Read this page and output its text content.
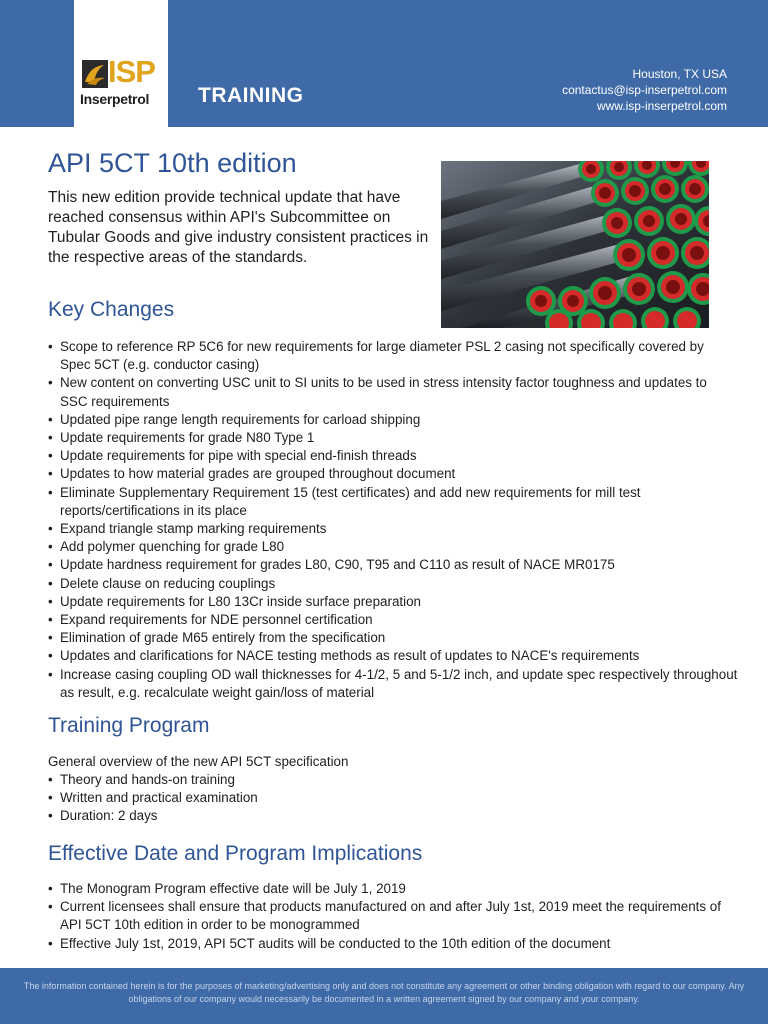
ISP
Inserpetrol TRAINING
Houston, TX USA
contactus@isp-inserpetrol.com
www.isp-inserpetrol.com
API 5CT 10th edition
This new edition provide technical update that have reached consensus within API's Subcommittee on Tubular Goods and give industry consistent practices in the respective areas of the standards.
Key Changes
• Scope to reference RP 5C6 for new requirements for large diameter PSL 2 casing not specifically covered by Spec 5CT (e.g. conductor casing)
• New content on converting USC unit to SI units to be used in stress intensity factor toughness and updates to SSC requirements
• Updated pipe range length requirements for carload shipping
• Update requirements for grade N80 Type 1
• Update requirements for pipe with special end-finish threads
• Updates to how material grades are grouped throughout document
• Eliminate Supplementary Requirement 15 (test certificates) and add new requirements for mill test reports/certifications in its place
• Expand triangle stamp marking requirements
• Add polymer quenching for grade L80
• Update hardness requirement for grades L80, C90, T95 and C110 as result of NACE MR0175
• Delete clause on reducing couplings
• Update requirements for L80 13Cr inside surface preparation
• Expand requirements for NDE personnel certification
• Elimination of grade M65 entirely from the specification
• Updates and clarifications for NACE testing methods as result of updates to NACE's requirements
• Increase casing coupling OD wall thicknesses for 4-1/2, 5 and 5-1/2 inch, and update spec respectively throughout as result, e.g. recalculate weight gain/loss of material
Training Program
General overview of the new API 5CT specification
• Theory and hands-on training
• Written and practical examination
• Duration: 2 days
Effective Date and Program Implications
• The Monogram Program effective date will be July 1, 2019
• Current licensees shall ensure that products manufactured on and after July 1st, 2019 meet the requirements of API 5CT 10th edition in order to be monogrammed
• Effective July 1st, 2019, API 5CT audits will be conducted to the 10th edition of the document
The information contained herein is for the purposes of marketing/advertising only and does not constitute any agreement or other binding obligation with regard to our company. Any obligations of our company would necessarily be documented in a written agreement signed by our company and your company.
